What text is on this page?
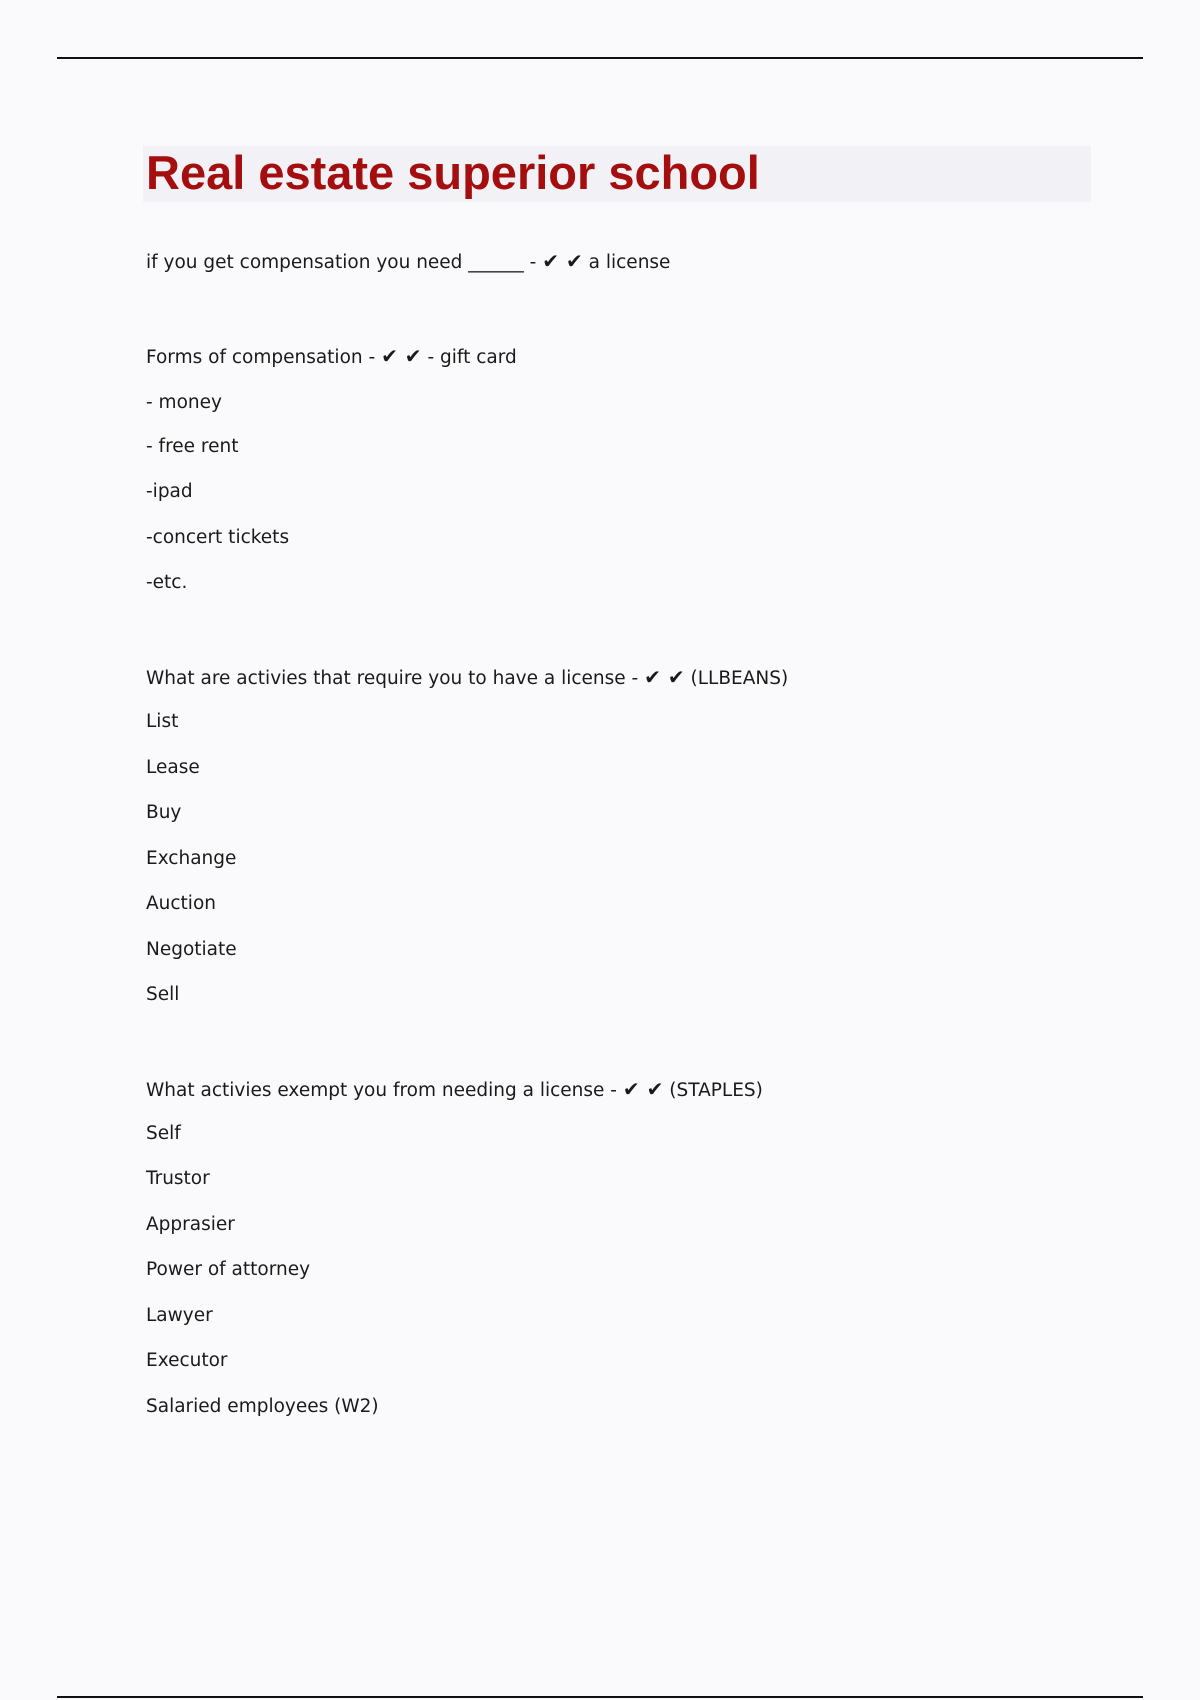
Real estate superior school

if you get compensation you need ______ - ✔ ✔ a license

Forms of compensation - ✔ ✔ - gift card

- money

- free rent

-ipad

-concert tickets

-etc.

What are activies that require you to have a license - ✔ ✔ (LLBEANS)

List

Lease

Buy

Exchange

Auction

Negotiate

Sell

What activies exempt you from needing a license - ✔ ✔ (STAPLES)

Self

Trustor

Apprasier

Power of attorney

Lawyer

Executor

Salaried employees (W2)
